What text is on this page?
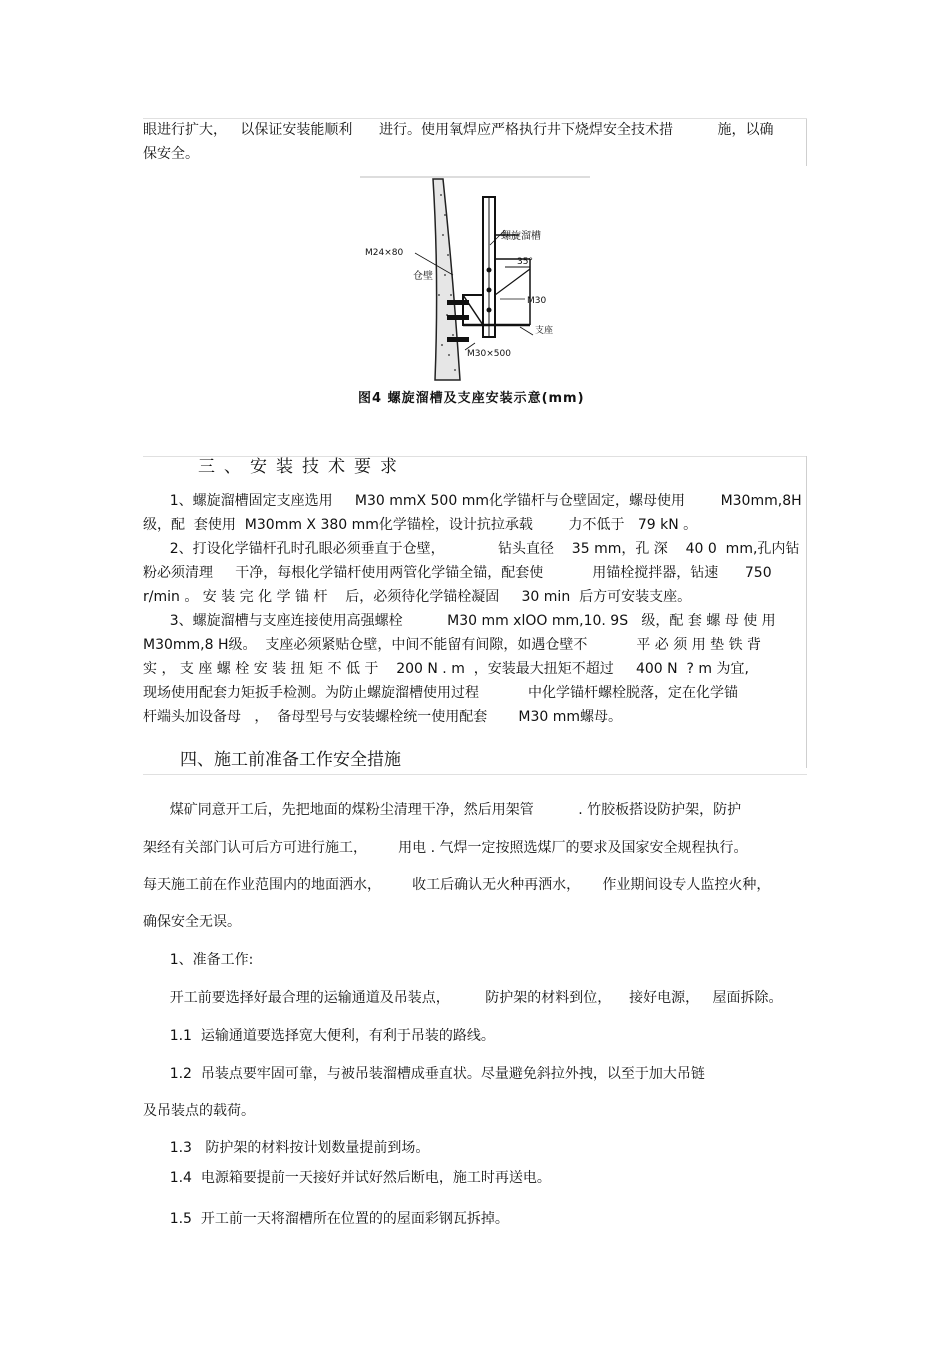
眼进行扩大，   以保证安装能顺利      进行。使用氧焊应严格执行井下烧焊安全技术措          施，以确

保安全。

M24×80
螺旋溜槽
35°
仓壁
M30
支座
M30×500
图4 螺旋溜槽及支座安装示意(mm)
三、安装技术要求

1、螺旋溜槽固定支座选用     M30 mmX 500 mm化学锚杆与仓壁固定，螺母使用        M30mm,8H
级，配  套使用  M30mm X 380 mm化学锚栓，设计抗拉承载        力不低于   79 kN 。

2、打设化学锚杆孔时孔眼必须垂直于仓壁，            钻头直径    35 mm，孔 深    40 0  mm,孔内钻
粉必须清理     干净，每根化学锚杆使用两管化学锚全锚，配套使           用锚栓搅拌器，钻速      750
r/min 。 安 装 完 化 学 锚 杆    后，必须待化学锚栓凝固     30 min  后方可安装支座。

3、螺旋溜槽与支座连接使用高强螺栓          M30 mm xlOO mm,10. 9S   级，配 套 螺 母 使 用
M30mm,8 H级。  支座必须紧贴仓壁，中间不能留有间隙，如遇仓壁不           平 必 须 用 垫 铁 背
实 ， 支 座 螺 栓 安 装 扭 矩 不 低 于    200 N . m  ，安装最大扭矩不超过     400 N  ? m 为宜,
现场使用配套力矩扳手检测。为防止螺旋溜槽使用过程           中化学锚杆螺栓脱落，定在化学锚
杆端头加设备母   ，  备母型号与安装螺栓统一使用配套       M30 mm螺母。

四、施工前准备工作安全措施

煤矿同意开工后，先把地面的煤粉尘清理干净，然后用架管          . 竹胶板搭设防护架，防护

架经有关部门认可后方可进行施工，       用电 . 气焊一定按照选煤厂的要求及国家安全规程执行。

每天施工前在作业范围内的地面洒水，       收工后确认无火种再洒水，     作业期间设专人监控火种，

确保安全无误。

1、准备工作:

开工前要选择好最合理的运输通道及吊装点，        防护架的材料到位，    接好电源，   屋面拆除。

1.1  运输通道要选择宽大便利，有利于吊装的路线。

1.2  吊装点要牢固可靠，与被吊装溜槽成垂直状。尽量避免斜拉外拽，以至于加大吊链

及吊装点的载荷。

1.3   防护架的材料按计划数量提前到场。

1.4  电源箱要提前一天接好并试好然后断电，施工时再送电。

1.5  开工前一天将溜槽所在位置的的屋面彩钢瓦拆掉。
